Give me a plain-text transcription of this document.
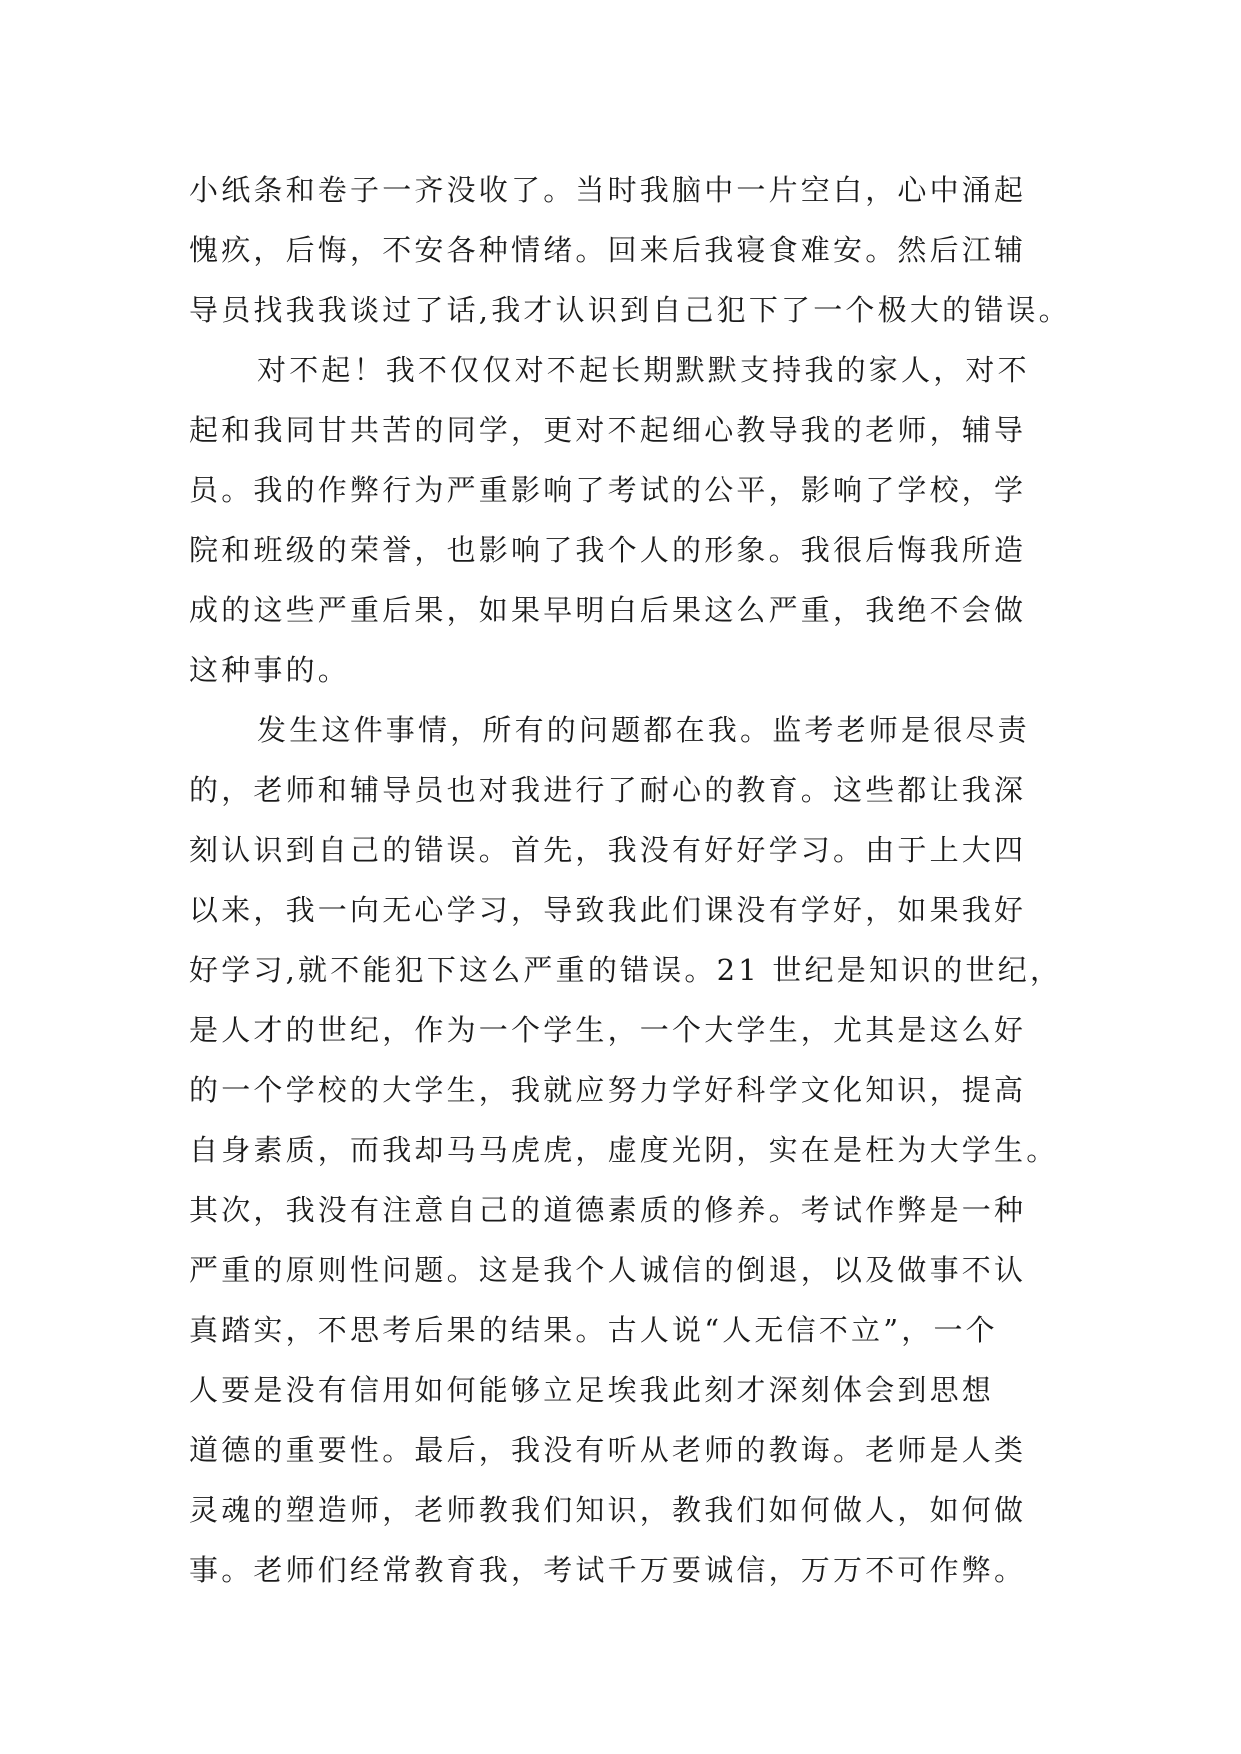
小纸条和卷子一齐没收了。当时我脑中一片空白，心中涌起
愧疚，后悔，不安各种情绪。回来后我寝食难安。然后江辅
导员找我我谈过了话,我才认识到自己犯下了一个极大的错误。
对不起！我不仅仅对不起长期默默支持我的家人，对不
起和我同甘共苦的同学，更对不起细心教导我的老师，辅导
员。我的作弊行为严重影响了考试的公平，影响了学校，学
院和班级的荣誉，也影响了我个人的形象。我很后悔我所造
成的这些严重后果，如果早明白后果这么严重，我绝不会做
这种事的。
发生这件事情，所有的问题都在我。监考老师是很尽责
的，老师和辅导员也对我进行了耐心的教育。这些都让我深
刻认识到自己的错误。首先，我没有好好学习。由于上大四
以来，我一向无心学习，导致我此们课没有学好，如果我好
好学习,就不能犯下这么严重的错误。21 世纪是知识的世纪，
是人才的世纪，作为一个学生，一个大学生，尤其是这么好
的一个学校的大学生，我就应努力学好科学文化知识，提高
自身素质，而我却马马虎虎，虚度光阴，实在是枉为大学生。
其次，我没有注意自己的道德素质的修养。考试作弊是一种
严重的原则性问题。这是我个人诚信的倒退，以及做事不认
真踏实，不思考后果的结果。古人说“人无信不立”，一个
人要是没有信用如何能够立足埃我此刻才深刻体会到思想
道德的重要性。最后，我没有听从老师的教诲。老师是人类
灵魂的塑造师，老师教我们知识，教我们如何做人，如何做
事。老师们经常教育我，考试千万要诚信，万万不可作弊。
